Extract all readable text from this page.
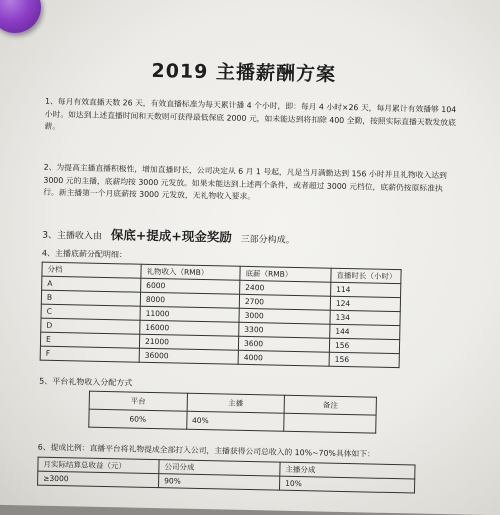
2019 主播薪酬方案
1、每月有效直播天数 26 天，有效直播标准为每天累计播 4 个小时，即：每月 4 小时×26 天，每月累计有效播够 104 小时。如达到上述直播时间和天数则可获得最低保底 2000 元，如未能达到将扣除 400 全勤，按照实际直播天数发放底薪。
2、为提高主播直播积极性，增加直播时长，公司决定从 6 月 1 号起，凡是当月满勤达到 156 小时并且礼物收入达到 3000 元的主播，底薪均按 3000 元发放。如果未能达到上述两个条件，或者超过 3000 元档位，底薪仍按原标准执行。新主播第一个月底薪按 3000 元发放，无礼物收入要求。
3、主播收入由 保底+提成+现金奖励 三部分构成。
4、主播底薪分配明细：
分档	礼物收入（RMB）	底薪（RMB）	直播时长（小时）
A	6000	2400	114
B	8000	2700	124
C	11000	3000	134
D	16000	3300	144
E	21000	3600	156
F	36000	4000	156
5、平台礼物收入分配方式
平台	主播	备注
60%	40%	
6、提成比例：直播平台将礼物提成全部打入公司，主播获得公司总收入的 10%~70%具体如下：
月实际结算总收益（元）	公司分成	主播分成
≥3000	90%	10%
